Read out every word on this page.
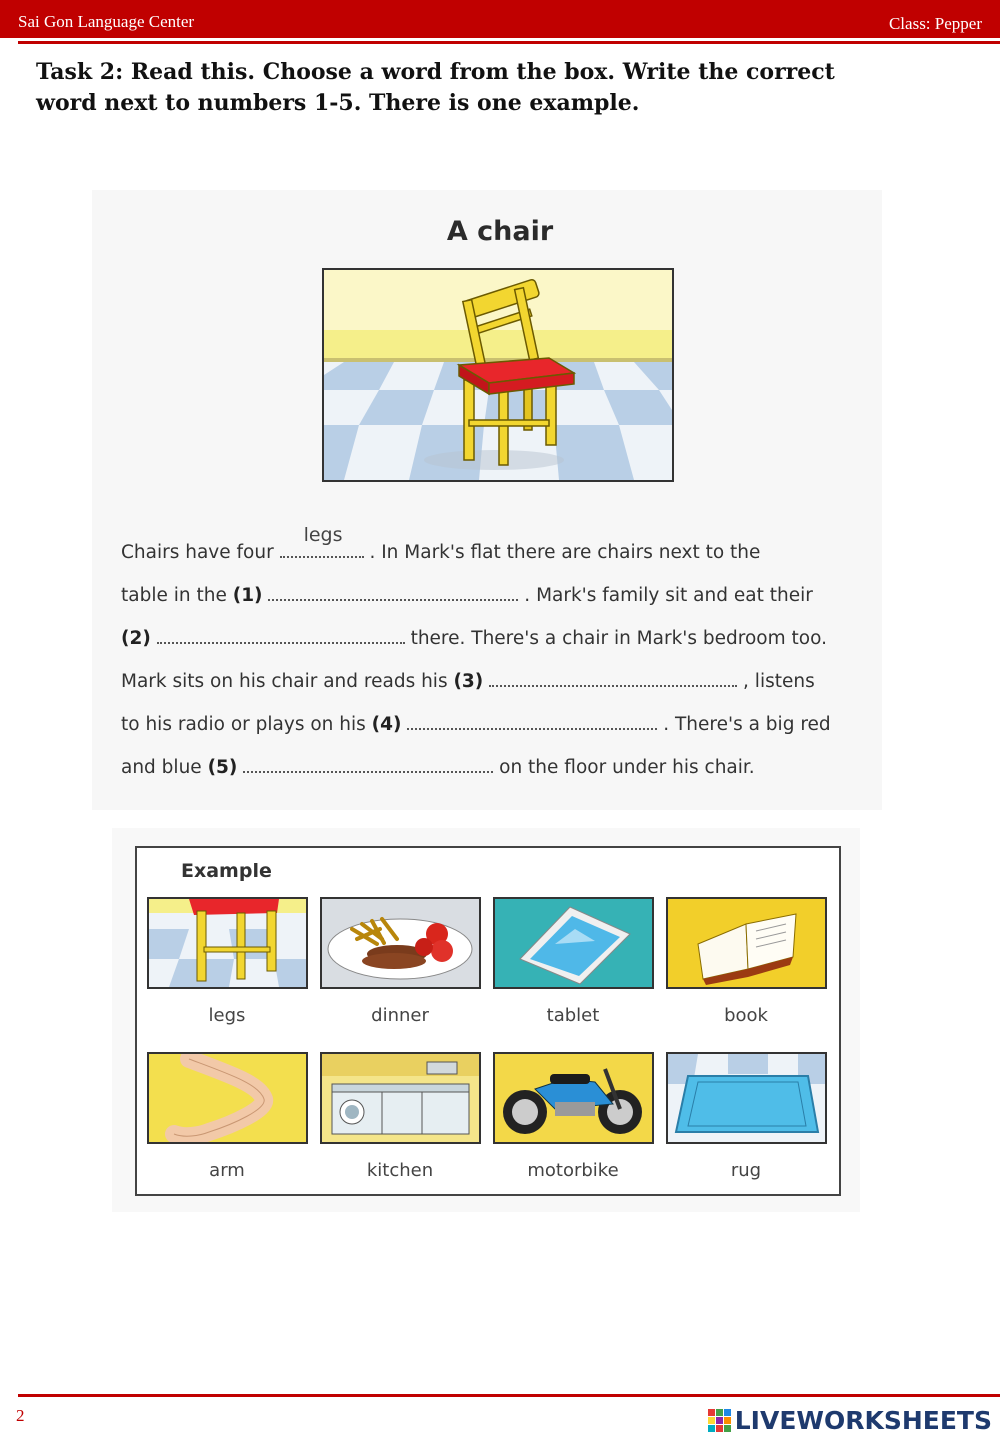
Sai Gon Language Center	Class: Pepper
Task 2: Read this. Choose a word from the box. Write the correct
word next to numbers 1-5. There is one example.
A chair
Chairs have four
legs
. In Mark's flat there are chairs next to the
table in the (1)	. Mark's family sit and eat their
(2)	there. There's a chair in Mark's bedroom too.
Mark sits on his chair and reads his (3)	, listens
to his radio or plays on his (4)	. There's a big red
and blue (5)	on the floor under his chair.
Example
legs	dinner	tablet	book
arm	kitchen	motorbike	rug
2	LIVEWORKSHEETS
